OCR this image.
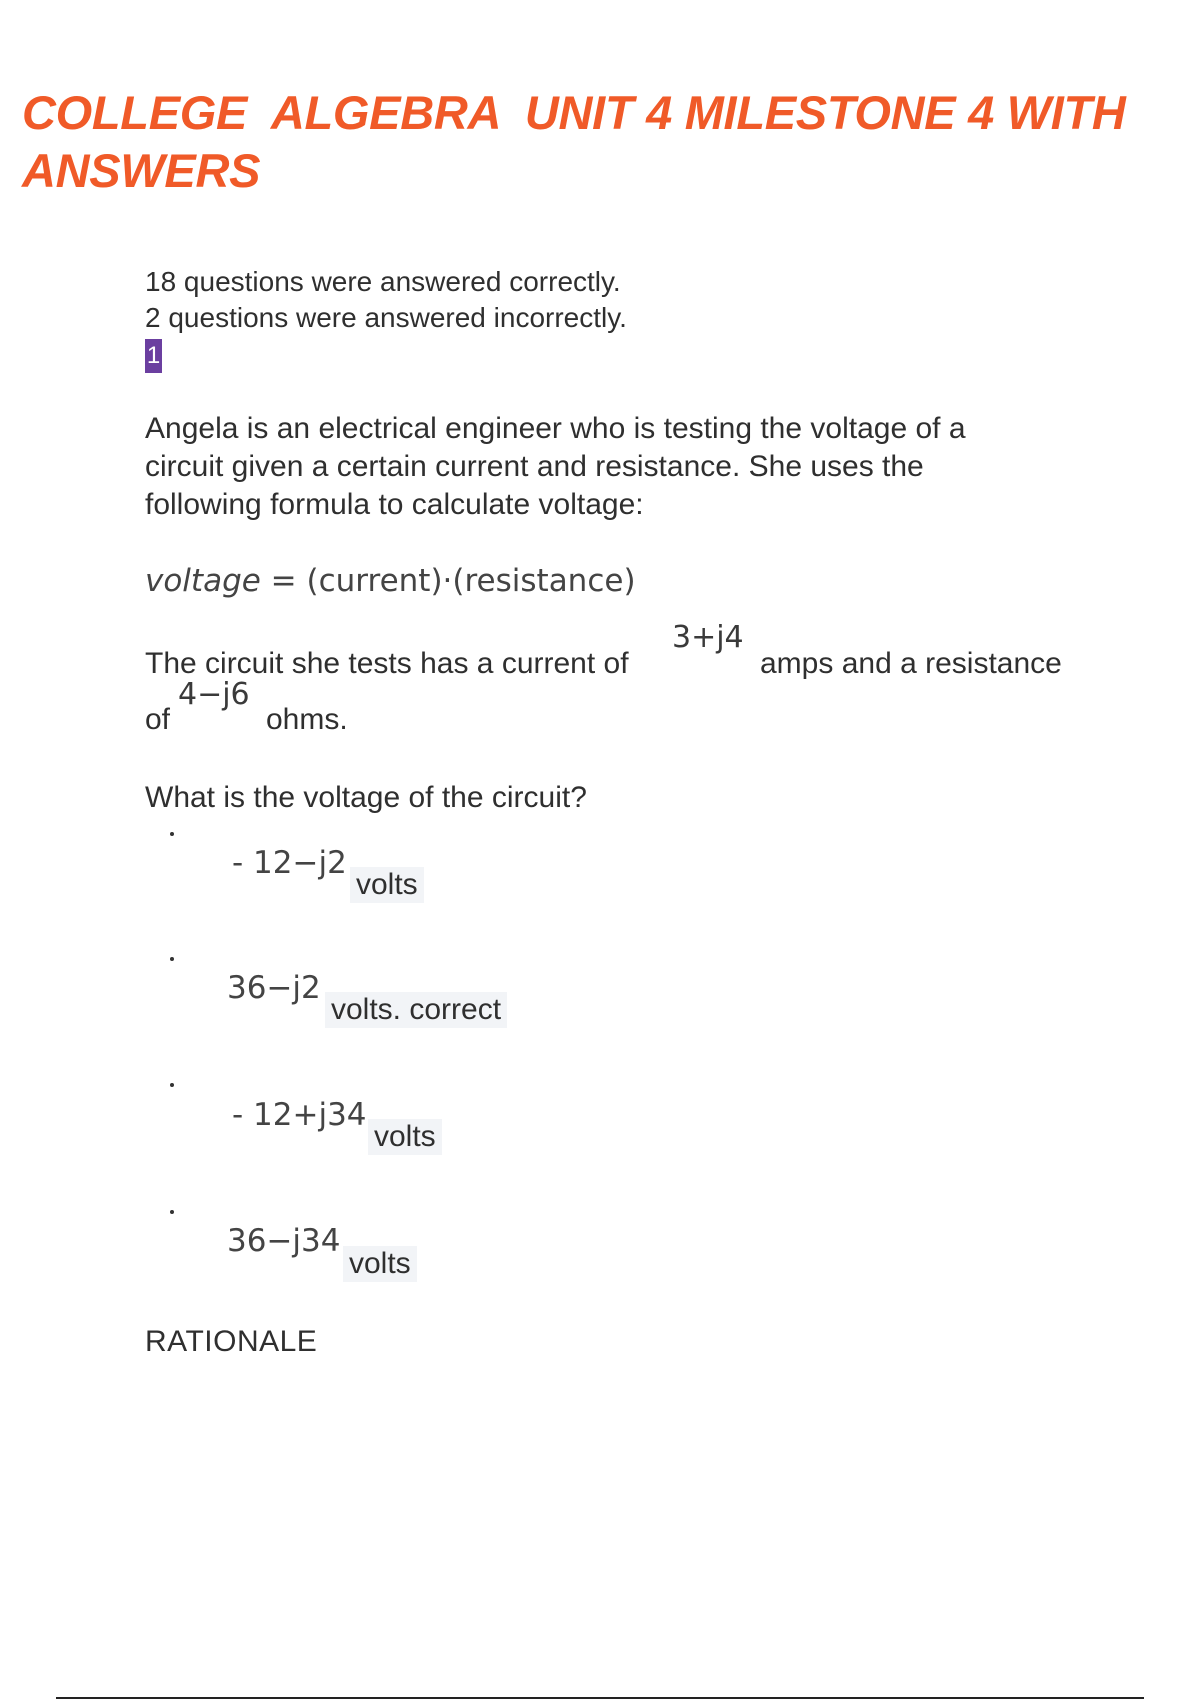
COLLEGE  ALGEBRA  UNIT 4 MILESTONE 4 WITH
ANSWERS
18 questions were answered correctly.
2 questions were answered incorrectly.
1
Angela is an electrical engineer who is testing the voltage of a circuit given a certain current and resistance. She uses the following formula to calculate voltage:
voltage = (current)·(resistance)
The circuit she tests has a current of
3+j4
amps and a resistance
of
4−j6
ohms.
What is the voltage of the circuit?
- 12−j2
volts
36−j2
volts. correct
- 12+j34
volts
36−j34
volts
RATIONALE
